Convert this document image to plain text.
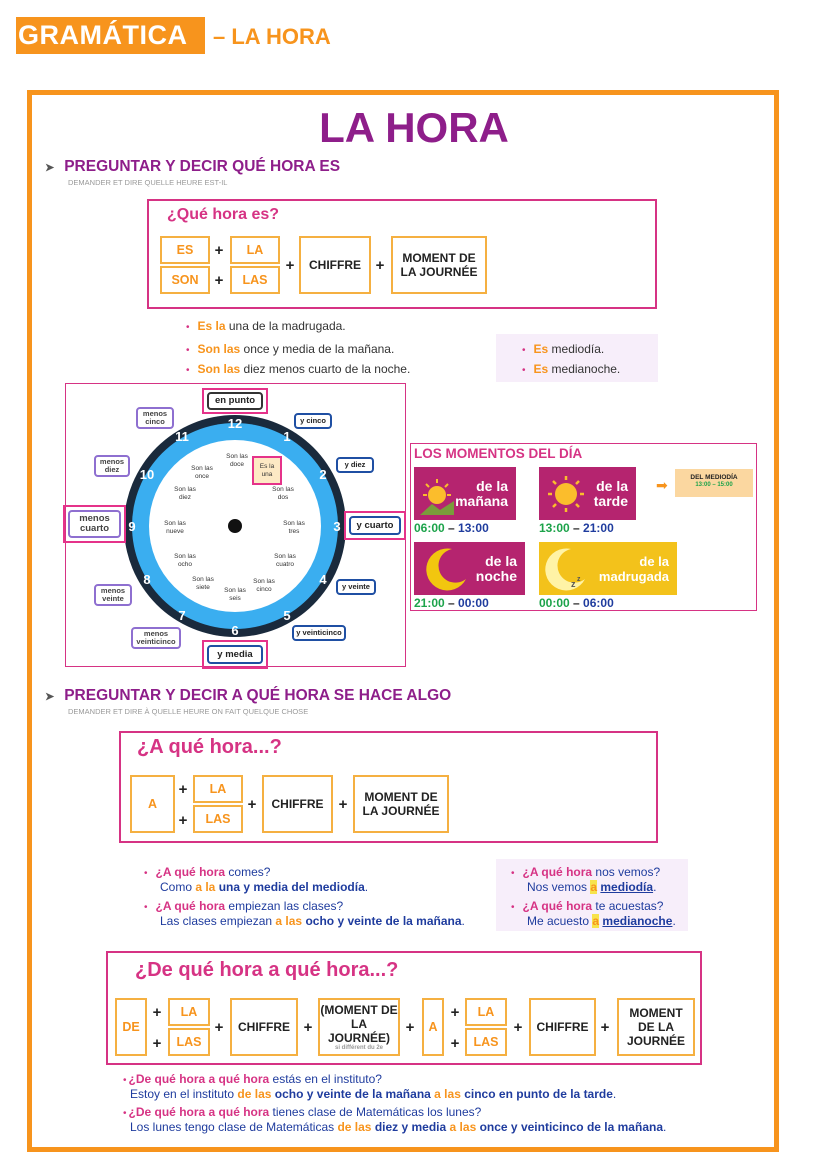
GRAMÁTICA	– LA HORA
LA HORA
➤ PREGUNTAR Y DECIR QUÉ HORA ES
DEMANDER ET DIRE QUELLE HEURE EST-IL
¿Qué hora es?
ES
SON
+
+
LA
LAS
+	CHIFFRE +	MOMENT DE LA JOURNÉE
• Es la una de la madrugada.
• Son las once y media de la mañana.
• Son las diez menos cuarto de la noche.
• Es mediodía.
• Es medianoche.
12
1
2
3
4
5
6
7
8
9
10
11
Son las doce	Es la una
Son las dos
Son las tres
Son las cuatro
Son las cinco
Son las seis
Son las siete
Son las ocho
Son las nueve
Son las diez
Son las once
en punto
y cinco
y diez
y cuarto
y veinte
y veinticinco
y media
menos veinticinco
menos veinte
menos cuarto
menos diez
menos cinco
LOS MOMENTOS DEL DÍA
de la mañana
06:00 – 13:00
de la tarde
13:00 – 21:00
➡	DEL MEDIODÍA
13:00 – 15:00
de la noche
21:00 – 00:00
z z
de la madrugada
00:00 – 06:00
➤ PREGUNTAR Y DECIR A QUÉ HORA SE HACE ALGO
DEMANDER ET DIRE À QUELLE HEURE ON FAIT QUELQUE CHOSE
¿A qué hora...?
A
+
+
LA
LAS
+	CHIFFRE	+	MOMENT DE LA JOURNÉE
• ¿A qué hora comes?
Como a la una y media del mediodía.
• ¿A qué hora empiezan las clases?
Las clases empiezan a las ocho y veinte de la mañana.
• ¿A qué hora nos vemos?
Nos vemos a mediodía.
• ¿A qué hora te acuestas?
Me acuesto a medianoche.
¿De qué hora a qué hora...?
DE
+
+
LA
LAS
+	CHIFFRE +
(MOMENT DE LA JOURNÉE)
si différent du 2e
+	A
+
+
LA
LAS
+	CHIFFRE +
MOMENT DE LA JOURNÉE
• ¿De qué hora a qué hora estás en el instituto?
Estoy en el instituto de las ocho y veinte de la mañana a las cinco en punto de la tarde.
• ¿De qué hora a qué hora tienes clase de Matemáticas los lunes?
Los lunes tengo clase de Matemáticas de las diez y media a las once y veinticinco de la mañana.
